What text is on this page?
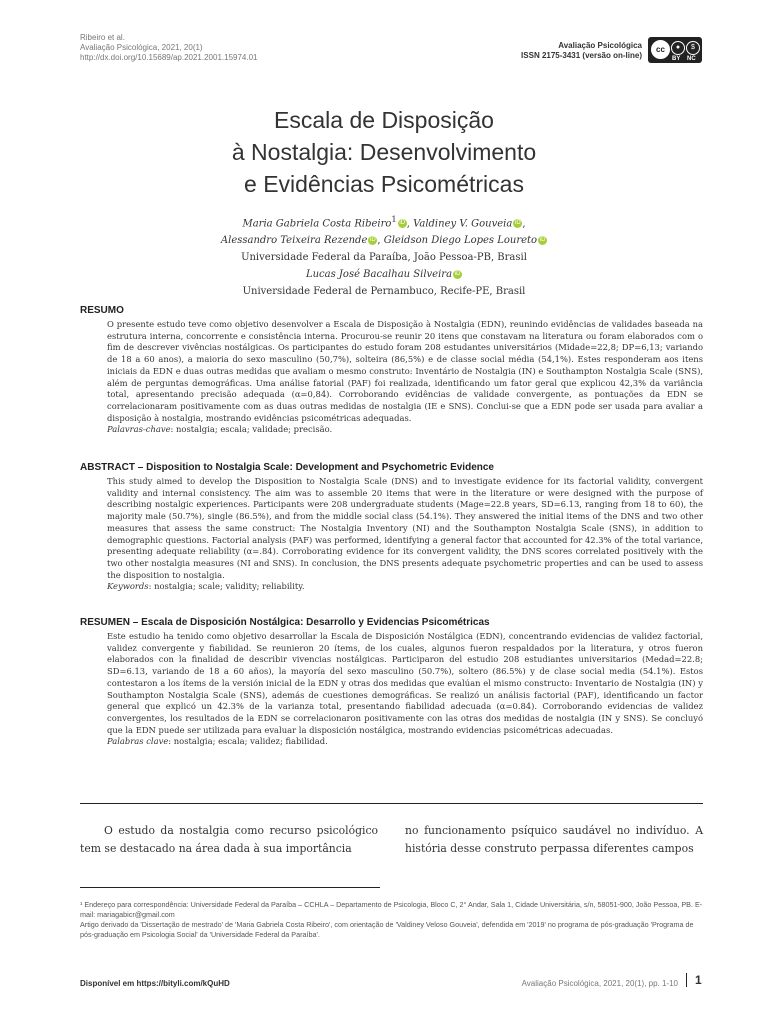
Ribeiro et al.
Avaliação Psicológica, 2021, 20(1)
http://dx.doi.org/10.15689/ap.2021.2001.15974.01
Avaliação Psicológica
ISSN 2175-3431 (versão on-line)
cc	●	$
BY NC
Escala de Disposição
à Nostalgia: Desenvolvimento
e Evidências Psicométricas
Maria Gabriela Costa Ribeiro$^1$ iD , Valdiney V. Gouveia iD ,
Alessandro Teixeira Rezende iD , Gleidson Diego Lopes Loureto iD
Universidade Federal da Paraíba, João Pessoa-PB, Brasil
Lucas José Bacalhau Silveira iD
Universidade Federal de Pernambuco, Recife-PE, Brasil
RESUMO
O presente estudo teve como objetivo desenvolver a Escala de Disposição à Nostalgia (EDN), reunindo evidências de validades baseada na estrutura interna, concorrente e consistência interna. Procurou-se reunir 20 itens que constavam na literatura ou foram elaborados com o fim de descrever vivências nostálgicas. Os participantes do estudo foram 208 estudantes universitários (Midade=22,8; DP=6,13; variando de 18 a 60 anos), a maioria do sexo masculino (50,7%), solteira (86,5%) e de classe social média (54,1%). Estes responderam aos itens iniciais da EDN e duas outras medidas que avaliam o mesmo construto: Inventário de Nostalgia (IN) e Southampton Nostalgia Scale (SNS), além de perguntas demográficas. Uma análise fatorial (PAF) foi realizada, identificando um fator geral que explicou 42,3% da variância total, apresentando precisão adequada (α=0,84). Corroborando evidências de validade convergente, as pontuações da EDN se correlacionaram positivamente com as duas outras medidas de nostalgia (IE e SNS). Conclui-se que a EDN pode ser usada para avaliar a disposição à nostalgia, mostrando evidências psicométricas adequadas.
Palavras-chave: nostalgia; escala; validade; precisão.
ABSTRACT – Disposition to Nostalgia Scale: Development and Psychometric Evidence
This study aimed to develop the Disposition to Nostalgia Scale (DNS) and to investigate evidence for its factorial validity, convergent validity and internal consistency. The aim was to assemble 20 items that were in the literature or were designed with the purpose of describing nostalgic experiences. Participants were 208 undergraduate students (Mage=22.8 years, SD=6.13, ranging from 18 to 60), the majority male (50.7%), single (86.5%), and from the middle social class (54.1%). They answered the initial items of the DNS and two other measures that assess the same construct: The Nostalgia Inventory (NI) and the Southampton Nostalgia Scale (SNS), in addition to demographic questions. Factorial analysis (PAF) was performed, identifying a general factor that accounted for 42.3% of the total variance, presenting adequate reliability (α=.84). Corroborating evidence for its convergent validity, the DNS scores correlated positively with the two other nostalgia measures (NI and SNS). In conclusion, the DNS presents adequate psychometric properties and can be used to assess the disposition to nostalgia.
Keywords: nostalgia; scale; validity; reliability.
RESUMEN – Escala de Disposición Nostálgica: Desarrollo y Evidencias Psicométricas
Este estudio ha tenido como objetivo desarrollar la Escala de Disposición Nostálgica (EDN), concentrando evidencias de validez factorial, validez convergente y fiabilidad. Se reunieron 20 ítems, de los cuales, algunos fueron respaldados por la literatura, y otros fueron elaborados con la finalidad de describir vivencias nostálgicas. Participaron del estudio 208 estudiantes universitarios (Medad=22.8; SD=6.13, variando de 18 a 60 años), la mayoría del sexo masculino (50.7%), soltero (86.5%) y de clase social media (54.1%). Estos contestaron a los ítems de la versión inicial de la EDN y otras dos medidas que evalúan el mismo constructo: Inventario de Nostalgia (IN) y Southampton Nostalgia Scale (SNS), además de cuestiones demográficas. Se realizó un análisis factorial (PAF), identificando un factor general que explicó un 42.3% de la varianza total, presentando fiabilidad adecuada (α=0.84). Corroborando evidencias de validez convergentes, los resultados de la EDN se correlacionaron positivamente con las otras dos medidas de nostalgia (IN y SNS). Se concluyó que la EDN puede ser utilizada para evaluar la disposición nostálgica, mostrando evidencias psicométricas adecuadas.
Palabras clave: nostalgia; escala; validez; fiabilidad.
O estudo da nostalgia como recurso psicológico tem se destacado na área dada à sua importância
no funcionamento psíquico saudável no indivíduo. A história desse construto perpassa diferentes campos
¹ Endereço para correspondência: Universidade Federal da Paraíba – CCHLA – Departamento de Psicologia, Bloco C, 2° Andar, Sala 1, Cidade Universitária, s/n, 58051-900, João Pessoa, PB. E-mail: mariagabicr@gmail.com
Artigo derivado da 'Dissertação de mestrado' de 'Maria Gabriela Costa Ribeiro', com orientação de 'Valdiney Veloso Gouveia', defendida em '2019' no programa de pós-graduação 'Programa de pós-graduação em Psicologia Social' da 'Universidade Federal da Paraíba'.
Disponível em https://bityli.com/kQuHD	Avaliação Psicológica, 2021, 20(1), pp. 1-10	1
